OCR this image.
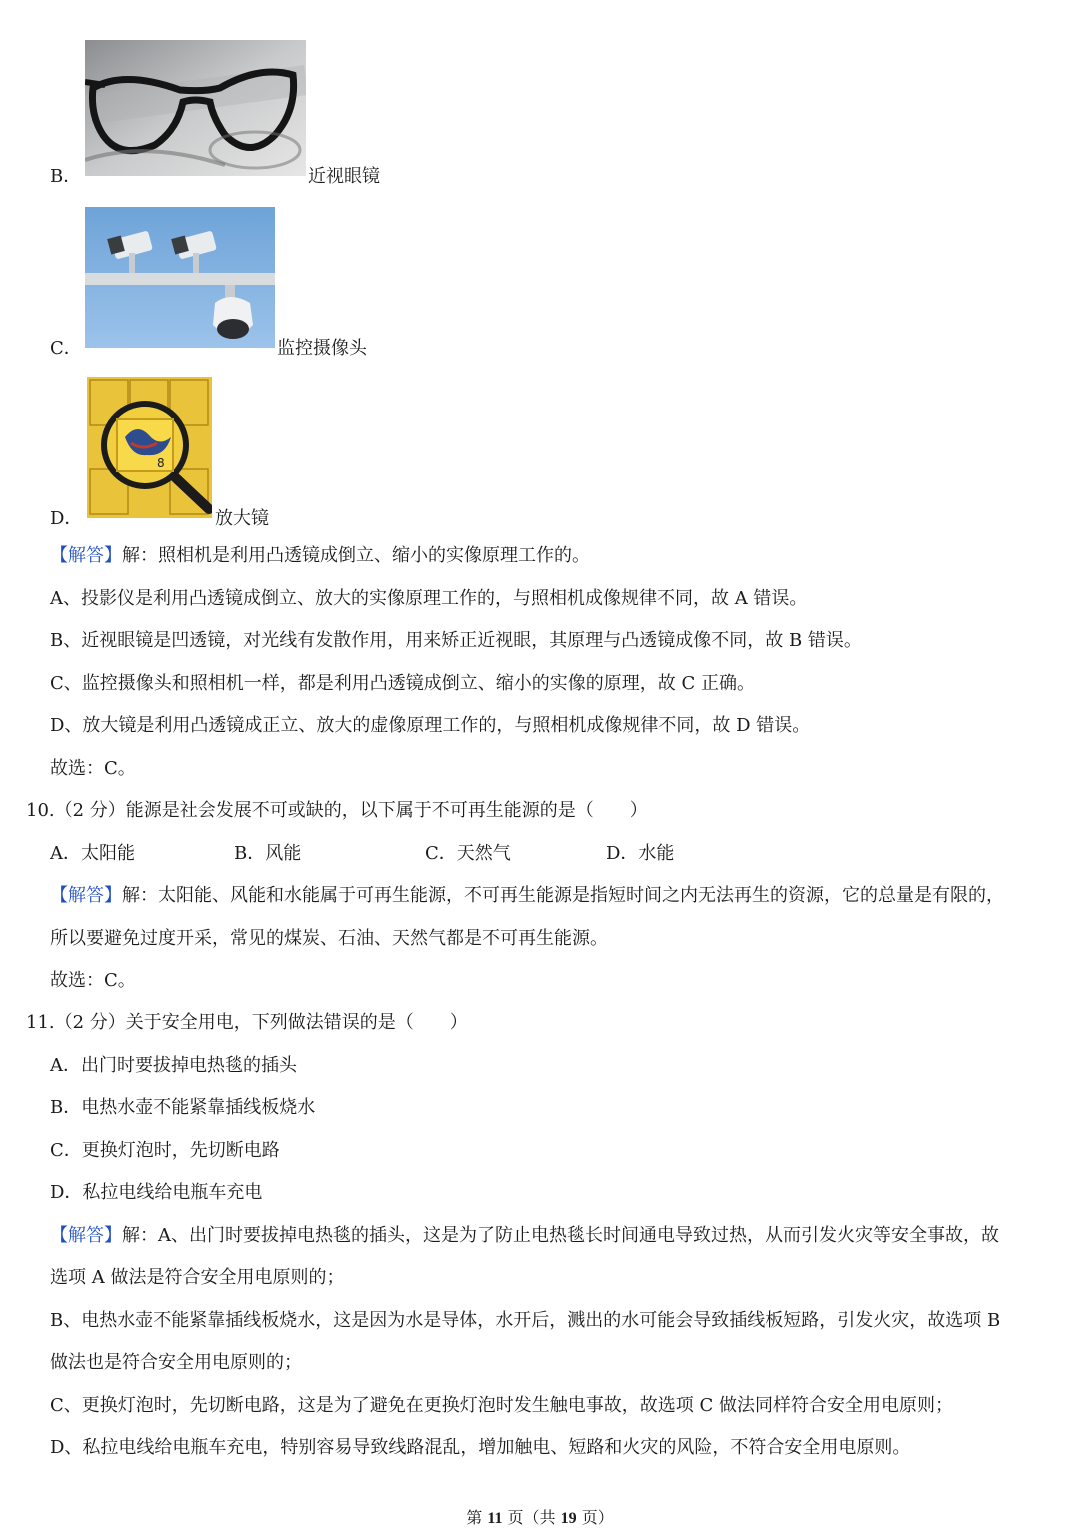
B．	近视眼镜
C．	监控摄像头
D．
8
放大镜
【解答】解：照相机是利用凸透镜成倒立、缩小的实像原理工作的。
A、投影仪是利用凸透镜成倒立、放大的实像原理工作的，与照相机成像规律不同，故 A 错误。
B、近视眼镜是凹透镜，对光线有发散作用，用来矫正近视眼，其原理与凸透镜成像不同，故 B 错误。
C、监控摄像头和照相机一样，都是利用凸透镜成倒立、缩小的实像的原理，故 C 正确。
D、放大镜是利用凸透镜成正立、放大的虚像原理工作的，与照相机成像规律不同，故 D 错误。
故选：C。
10.（2 分）能源是社会发展不可或缺的，以下属于不可再生能源的是（　　）
A．太阳能	B．风能	C．天然气	D．水能
【解答】解：太阳能、风能和水能属于可再生能源，不可再生能源是指短时间之内无法再生的资源，它的总量是有限的，
所以要避免过度开采，常见的煤炭、石油、天然气都是不可再生能源。
故选：C。
11.（2 分）关于安全用电，下列做法错误的是（　　）
A．出门时要拔掉电热毯的插头
B．电热水壶不能紧靠插线板烧水
C．更换灯泡时，先切断电路
D．私拉电线给电瓶车充电
【解答】解：A、出门时要拔掉电热毯的插头，这是为了防止电热毯长时间通电导致过热，从而引发火灾等安全事故，故
选项 A 做法是符合安全用电原则的；
B、电热水壶不能紧靠插线板烧水，这是因为水是导体，水开后，溅出的水可能会导致插线板短路，引发火灾，故选项 B
做法也是符合安全用电原则的；
C、更换灯泡时，先切断电路，这是为了避免在更换灯泡时发生触电事故，故选项 C 做法同样符合安全用电原则；
D、私拉电线给电瓶车充电，特别容易导致线路混乱，增加触电、短路和火灾的风险，不符合安全用电原则。
第 11 页（共 19 页）
